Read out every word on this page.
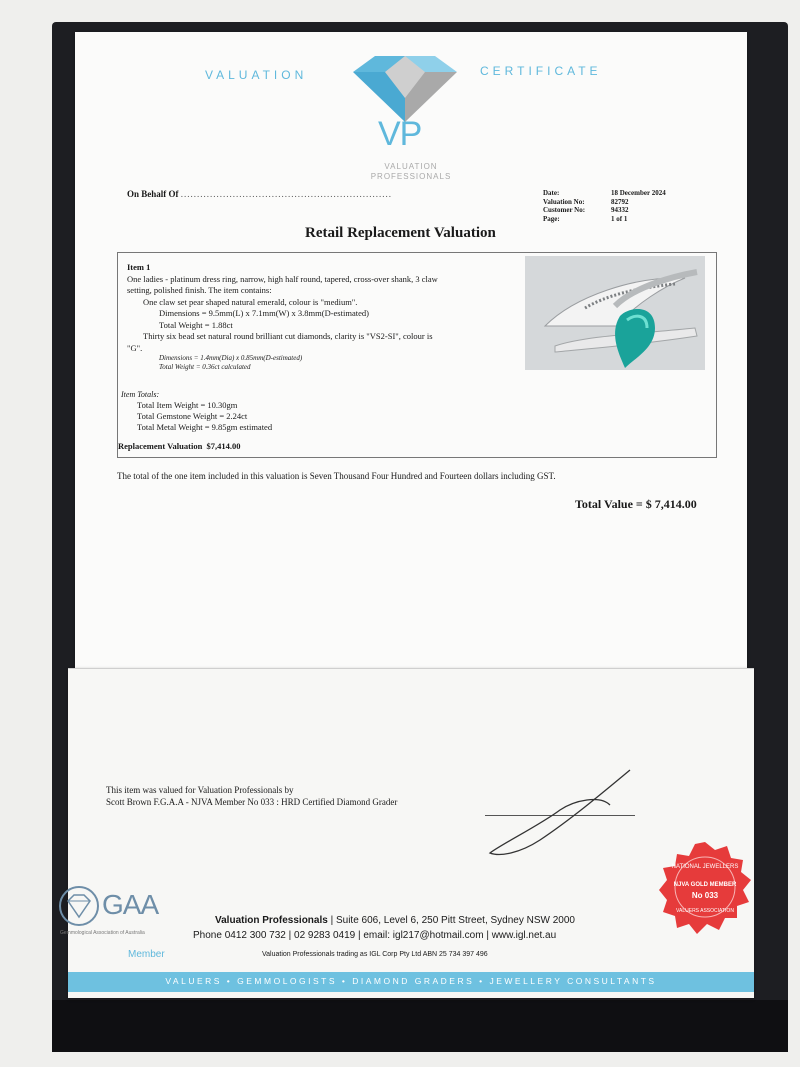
VALUATION	CERTIFICATE
VP
VALUATION
PROFESSIONALS
On Behalf Of .................................................................	Date:	18 December 2024
Valuation No:	82792
Customer No:	94332
Page:	1 of 1
Retail Replacement Valuation
Item 1
One ladies - platinum dress ring, narrow, high half round, tapered, cross-over shank, 3 claw
setting, polished finish. The item contains:
One claw set pear shaped natural emerald, colour is "medium".
Dimensions = 9.5mm(L) x 7.1mm(W) x 3.8mm(D-estimated)
Total Weight = 1.88ct
Thirty six bead set natural round brilliant cut diamonds, clarity is "VS2-SI", colour is
"G".
Dimensions = 1.4mm(Dia) x 0.85mm(D-estimated)
Total Weight = 0.36ct calculated
Item Totals:
Total Item Weight = 10.30gm
Total Gemstone Weight = 2.24ct
Total Metal Weight = 9.85gm estimated
Replacement Valuation $7,414.00
The total of the one item included in this valuation is Seven Thousand Four Hundred and Fourteen dollars including GST.
Total Value = $ 7,414.00
This item was valued for Valuation Professionals by
Scott Brown F.G.A.A - NJVA Member No 033 : HRD Certified Diamond Grader
GAA
Gemmological Association of Australia
Member
Valuation Professionals | Suite 606, Level 6, 250 Pitt Street, Sydney NSW 2000
Phone 0412 300 732 | 02 9283 0419 | email: igl217@hotmail.com | www.igl.net.au
Valuation Professionals trading as IGL Corp Pty Ltd ABN 25 734 397 496
NATIONAL JEWELLERS
NJVA GOLD MEMBER
No 033
VALUERS ASSOCIATION
VALUERS • GEMMOLOGISTS • DIAMOND GRADERS • JEWELLERY CONSULTANTS
